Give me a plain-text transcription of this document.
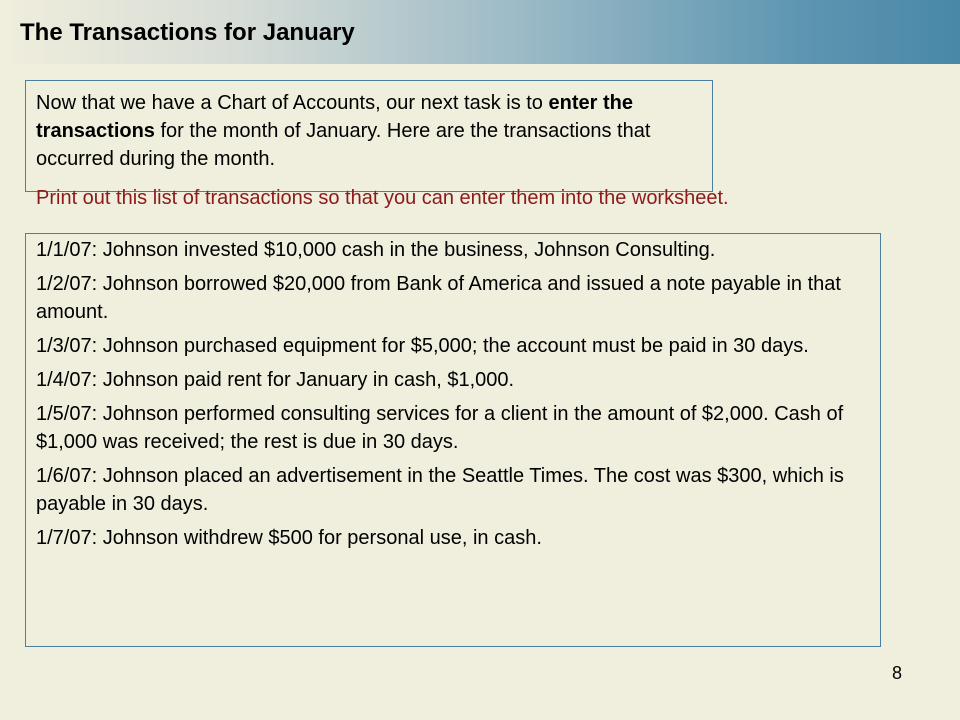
The Transactions for January
Now that we have a Chart of Accounts, our next task is to enter the transactions for the month of January. Here are the transactions that occurred during the month.
Print out this list of transactions so that you can enter them into the worksheet.
1/1/07: Johnson invested $10,000 cash in the business, Johnson Consulting.
1/2/07: Johnson borrowed $20,000 from Bank of America and issued a note payable in that amount.
1/3/07: Johnson purchased equipment for $5,000; the account must be paid in 30 days.
1/4/07: Johnson paid rent for January in cash, $1,000.
1/5/07: Johnson performed consulting services for a client in the amount of $2,000. Cash of $1,000 was received; the rest is due in 30 days.
1/6/07: Johnson placed an advertisement in the Seattle Times. The cost was $300, which is payable in 30 days.
1/7/07: Johnson withdrew $500 for personal use, in cash.
8
